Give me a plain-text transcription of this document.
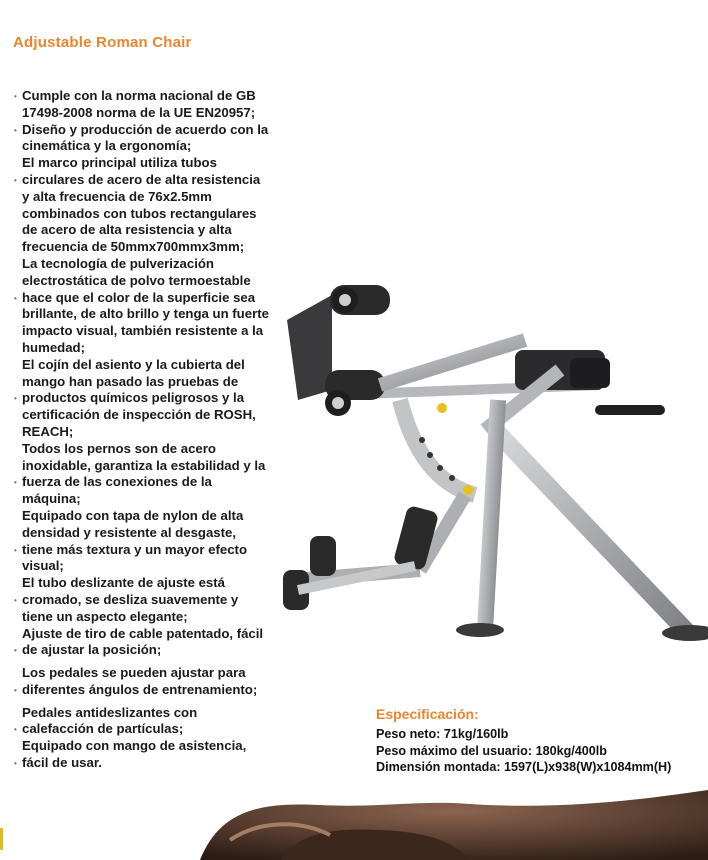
Adjustable Roman Chair
• Cumple con la norma nacional de GB
17498-2008 norma de la UE EN20957;
• Diseño y producción de acuerdo con la
cinemática y la ergonomía;
El marco principal utiliza tubos
• circulares de acero de alta resistencia
y alta frecuencia de 76x2.5mm
combinados con tubos rectangulares
de acero de alta resistencia y alta
frecuencia de 50mmx700mmx3mm;
La tecnología de pulverización
electrostática de polvo termoestable
• hace que el color de la superficie sea
brillante, de alto brillo y tenga un fuerte
impacto visual, también resistente a la
humedad;
El cojín del asiento y la cubierta del
mango han pasado las pruebas de
• productos químicos peligrosos y la
certificación de inspección de ROSH,
REACH;
Todos los pernos son de acero
inoxidable, garantiza la estabilidad y la
• fuerza de las conexiones de la
máquina;
Equipado con tapa de nylon de alta
densidad y resistente al desgaste,
• tiene más textura y un mayor efecto
visual;
El tubo deslizante de ajuste está
• cromado, se desliza suavemente y
tiene un aspecto elegante;
Ajuste de tiro de cable patentado, fácil
• de ajustar la posición;
Los pedales se pueden ajustar para
• diferentes ángulos de entrenamiento;
Pedales antideslizantes con
• calefacción de partículas;
Equipado con mango de asistencia,
• fácil de usar.
Especificación:
Peso neto: 71kg/160lb
Peso máximo del usuario: 180kg/400lb
Dimensión montada: 1597(L)x938(W)x1084mm(H)
